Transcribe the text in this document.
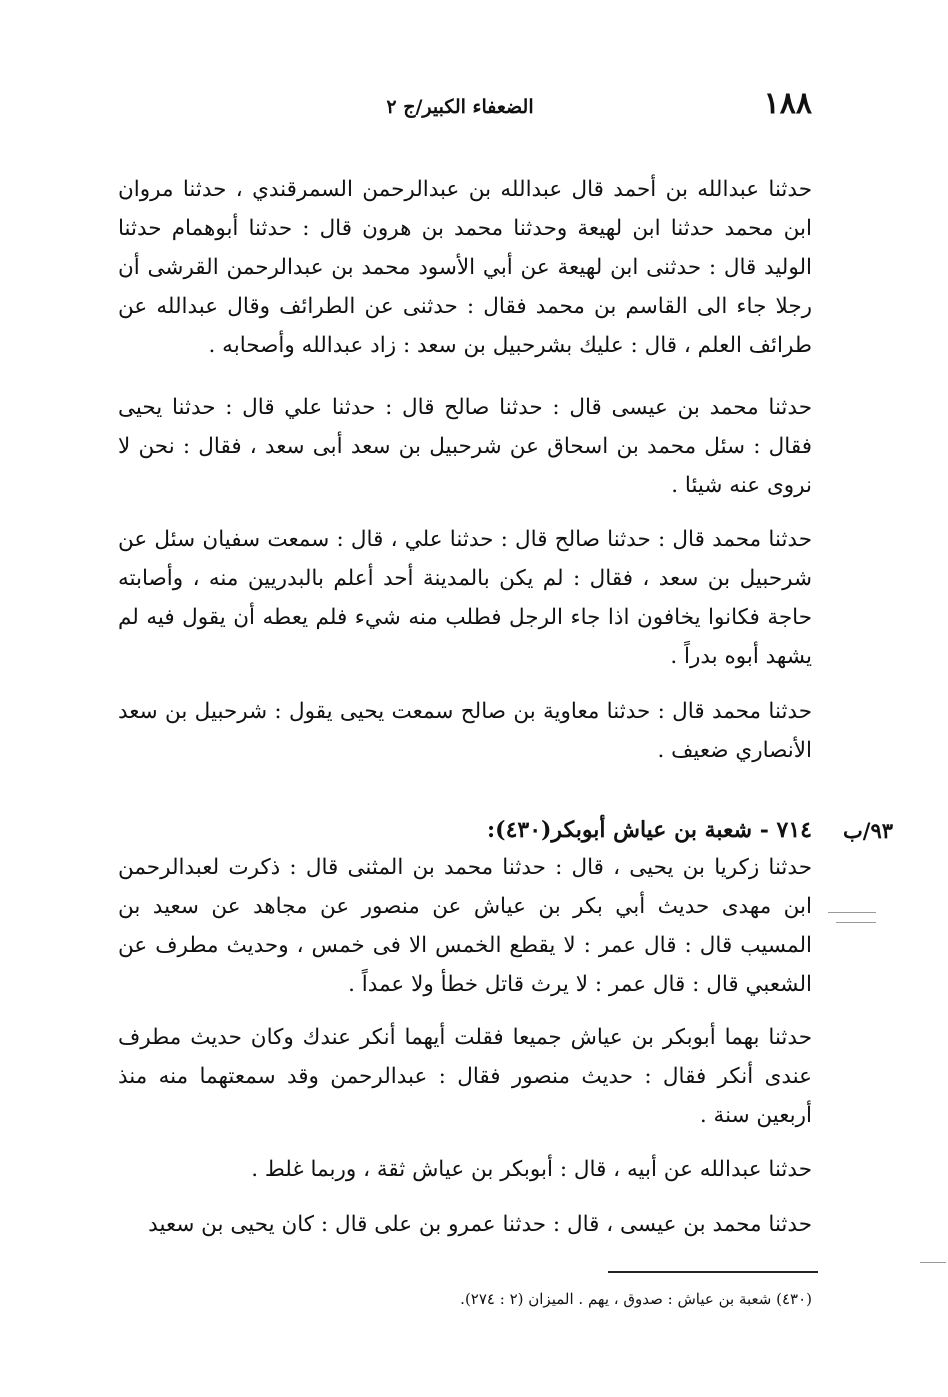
١٨٨
الضعفاء الكبير/ج ٢

حدثنا عبدالله بن أحمد قال عبدالله بن عبدالرحمن السمرقندي ، حدثنا مروان ابن محمد حدثنا ابن لهيعة وحدثنا محمد بن هرون قال : حدثنا أبوهمام حدثنا الوليد قال : حدثنى ابن لهيعة عن أبي الأسود محمد بن عبدالرحمن القرشى أن رجلا جاء الى القاسم بن محمد فقال : حدثنى عن الطرائف وقال عبدالله عن طرائف العلم ، قال : عليك بشرحبيل بن سعد : زاد عبدالله وأصحابه .

حدثنا محمد بن عيسى قال : حدثنا صالح قال : حدثنا علي قال : حدثنا يحيى فقال : سئل محمد بن اسحاق عن شرحبيل بن سعد أبى سعد ، فقال : نحن لا نروى عنه شيئا .

حدثنا محمد قال : حدثنا صالح قال : حدثنا علي ، قال : سمعت سفيان سئل عن شرحبيل بن سعد ، فقال : لم يكن بالمدينة أحد أعلم بالبدريين منه ، وأصابته حاجة فكانوا يخافون اذا جاء الرجل فطلب منه شيء فلم يعطه أن يقول فيه لم يشهد أبوه بدراً .

حدثنا محمد قال : حدثنا معاوية بن صالح سمعت يحيى يقول : شرحبيل بن سعد الأنصاري ضعيف .

٩٣/ب
٧١٤ - شعبة بن عياش أبوبكر(٤٣٠):

حدثنا زكريا بن يحيى ، قال : حدثنا محمد بن المثنى قال : ذكرت لعبدالرحمن ابن مهدى حديث أبي بكر بن عياش عن منصور عن مجاهد عن سعيد بن المسيب قال : قال عمر : لا يقطع الخمس الا فى خمس ، وحديث مطرف عن الشعبي قال : قال عمر : لا يرث قاتل خطأ ولا عمداً .

حدثنا بهما أبوبكر بن عياش جميعا فقلت أيهما أنكر عندك وكان حديث مطرف عندى أنكر فقال : حديث منصور فقال : عبدالرحمن وقد سمعتهما منه منذ أربعين سنة .

حدثنا عبدالله عن أبيه ، قال : أبوبكر بن عياش ثقة ، وربما غلط .

حدثنا محمد بن عيسى ، قال : حدثنا عمرو بن على قال : كان يحيى بن سعيد

(٤٣٠) شعبة بن عياش : صدوق ، يهم . الميزان (٢ : ٢٧٤).
